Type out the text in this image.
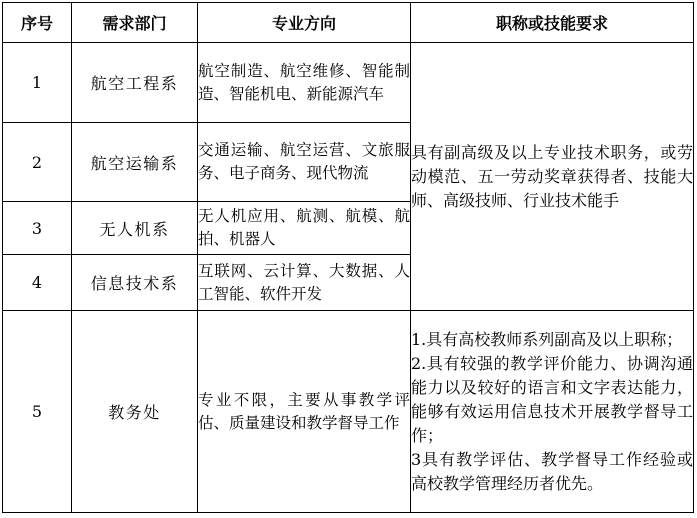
序号	需求部门	专业方向	职称或技能要求
1	航空工程系	航空制造、航空维修、智能制造、智能机电、新能源汽车	具有副高级及以上专业技术职务，或劳动模范、五一劳动奖章获得者、技能大师、高级技师、行业技术能手
2	航空运输系	交通运输、航空运营、文旅服务、电子商务、现代物流	
3	无人机系	无人机应用、航测、航模、航拍、机器人	
4	信息技术系	互联网、云计算、大数据、人工智能、软件开发	
5	教务处	专业不限，主要从事教学评估、质量建设和教学督导工作	1.具有高校教师系列副高及以上职称；
2.具有较强的教学评价能力、协调沟通能力以及较好的语言和文字表达能力，能够有效运用信息技术开展教学督导工作；
3具有教学评估、教学督导工作经验或高校教学管理经历者优先。
